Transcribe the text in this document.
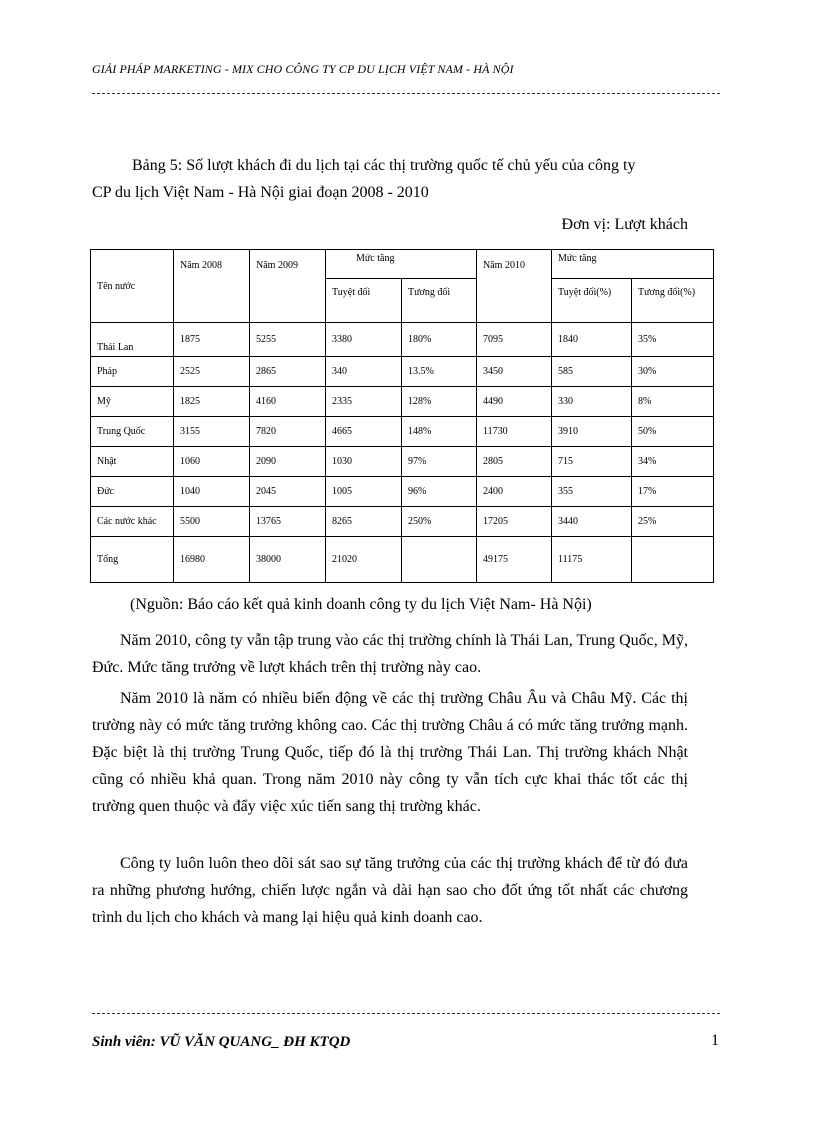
GIẢI PHÁP MARKETING - MIX CHO CÔNG TY CP DU LỊCH VIỆT NAM - HÀ NỘI
Bảng 5: Số lượt khách đi du lịch tại các thị trường quốc tế chủ yếu của công ty
CP du lịch Việt Nam - Hà Nội giai đoạn 2008 - 2010
Đơn vị: Lượt khách
Tên nước	Năm 2008	Năm 2009	Mức tăng		Năm 2010	Mức tăng	
			Tuyệt đối	Tương đối		Tuyệt đối(%)	Tương đối(%)
Thái Lan	1875	5255	3380	180%	7095	1840	35%
Pháp	2525	2865	340	13.5%	3450	585	30%
Mỹ	1825	4160	2335	128%	4490	330	8%
Trung Quốc	3155	7820	4665	148%	11730	3910	50%
Nhật	1060	2090	1030	97%	2805	715	34%
Đức	1040	2045	1005	96%	2400	355	17%
Các nước khác	5500	13765	8265	250%	17205	3440	25%
Tổng	16980	38000	21020		49175	11175	
(Nguồn: Báo cáo kết quả kinh doanh công ty du lịch Việt Nam- Hà Nội)
Năm 2010, công ty vẫn tập trung vào các thị trường chính là Thái Lan, Trung Quốc, Mỹ, Đức. Mức tăng trưởng về lượt khách trên thị trường này cao.
Năm 2010 là năm có nhiều biến động về các thị trường Châu Âu và Châu Mỹ. Các thị trường này có mức tăng trưởng không cao. Các thị trường Châu á có mức tăng trưởng mạnh. Đặc biệt là thị trường Trung Quốc, tiếp đó là thị trường Thái Lan. Thị trường khách Nhật cũng có nhiều khả quan. Trong năm 2010 này công ty vẫn tích cực khai thác tốt các thị trường quen thuộc và đẩy việc xúc tiến sang thị trường khác.
Công ty luôn luôn theo dõi sát sao sự tăng trưởng của các thị trường khách để từ đó đưa ra những phương hướng, chiến lược ngắn và dài hạn sao cho đốt ứng tốt nhất các chương trình du lịch cho khách và mang lại hiệu quả kinh doanh cao.
Sinh viên: VŨ VĂN QUANG_ ĐH KTQD	1
